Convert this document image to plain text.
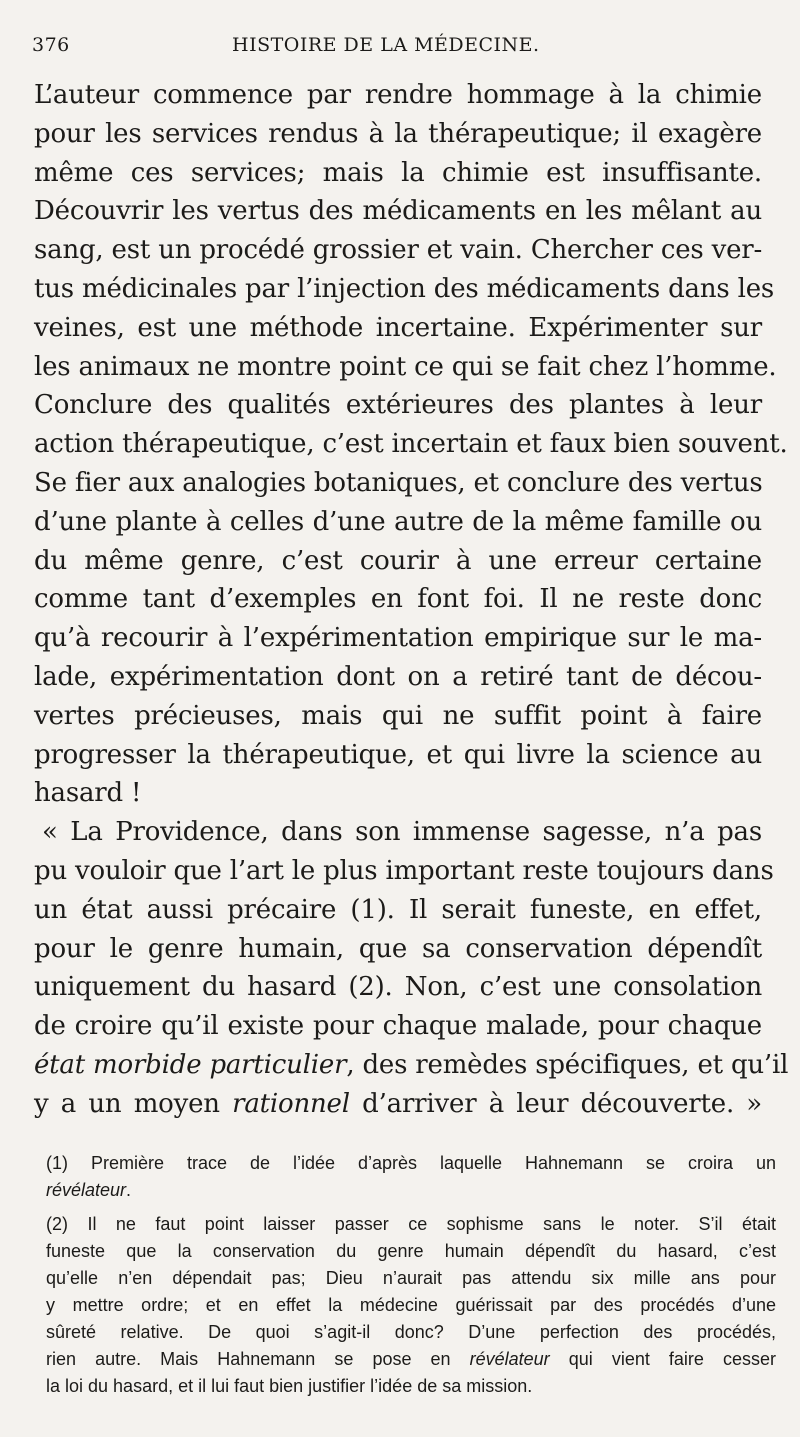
376	HISTOIRE DE LA MÉDECINE.
L’auteur commence par rendre hommage à la chimie
pour les services rendus à la thérapeutique; il exagère
même ces services; mais la chimie est insuffisante.
Découvrir les vertus des médicaments en les mêlant au
sang, est un procédé grossier et vain. Chercher ces ver-
tus médicinales par l’injection des médicaments dans les
veines, est une méthode incertaine. Expérimenter sur
les animaux ne montre point ce qui se fait chez l’homme.
Conclure des qualités extérieures des plantes à leur
action thérapeutique, c’est incertain et faux bien souvent.
Se fier aux analogies botaniques, et conclure des vertus
d’une plante à celles d’une autre de la même famille ou
du même genre, c’est courir à une erreur certaine
comme tant d’exemples en font foi. Il ne reste donc
qu’à recourir à l’expérimentation empirique sur le ma-
lade, expérimentation dont on a retiré tant de décou-
vertes précieuses, mais qui ne suffit point à faire
progresser la thérapeutique, et qui livre la science au
hasard !
« La Providence, dans son immense sagesse, n’a pas
pu vouloir que l’art le plus important reste toujours dans
un état aussi précaire (1). Il serait funeste, en effet,
pour le genre humain, que sa conservation dépendît
uniquement du hasard (2). Non, c’est une consolation
de croire qu’il existe pour chaque malade, pour chaque
état morbide particulier, des remèdes spécifiques, et qu’il
y a un moyen rationnel d’arriver à leur découverte. »
(1) Première trace de l’idée d’après laquelle Hahnemann se croira un
révélateur.
(2) Il ne faut point laisser passer ce sophisme sans le noter. S’il était
funeste que la conservation du genre humain dépendît du hasard, c’est
qu’elle n’en dépendait pas; Dieu n’aurait pas attendu six mille ans pour
y mettre ordre; et en effet la médecine guérissait par des procédés d’une
sûreté relative. De quoi s’agit-il donc? D’une perfection des procédés,
rien autre. Mais Hahnemann se pose en révélateur qui vient faire cesser
la loi du hasard, et il lui faut bien justifier l’idée de sa mission.
